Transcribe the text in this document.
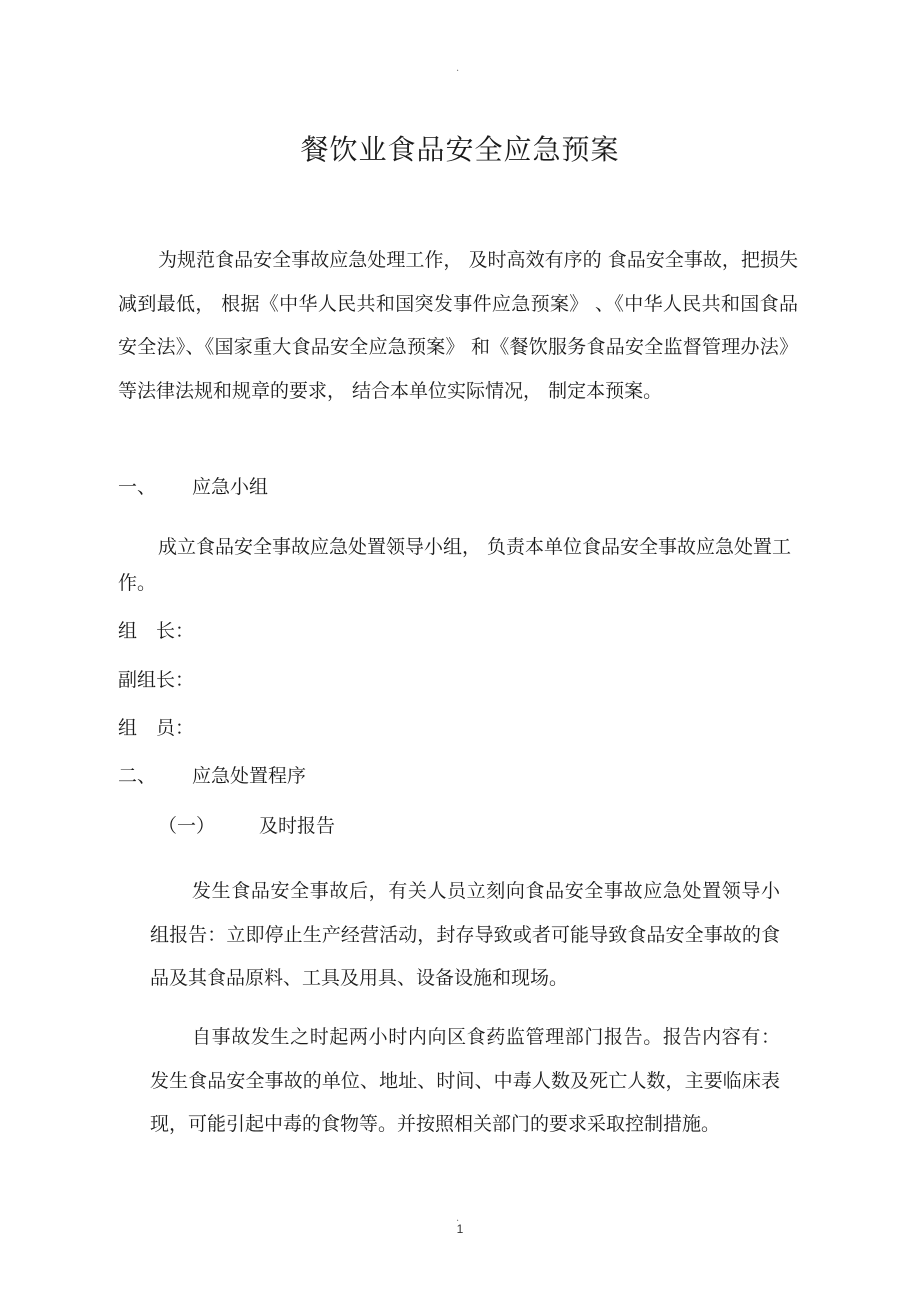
.
餐饮业食品安全应急预案

为规范食品安全事故应急处理工作， 及时高效有序的 食品安全事故，把损失减到最低， 根据《中华人民共和国突发事件应急预案》 、《中华人民共和国食品安全法》、《国家重大食品安全应急预案》 和《餐饮服务食品安全监督管理办法》 等法律法规和规章的要求， 结合本单位实际情况， 制定本预案。

一、 应急小组

成立食品安全事故应急处置领导小组， 负责本单位食品安全事故应急处置工作。

组　长：
副组长：
组　员：
二、 应急处置程序
（一） 及时报告

发生食品安全事故后，有关人员立刻向食品安全事故应急处置领导小组报告：立即停止生产经营活动，封存导致或者可能导致食品安全事故的食品及其食品原料、工具及用具、设备设施和现场。

自事故发生之时起两小时内向区食药监管理部门报告。报告内容有：发生食品安全事故的单位、地址、时间、中毒人数及死亡人数，主要临床表现，可能引起中毒的食物等。并按照相关部门的要求采取控制措施。

.
1
